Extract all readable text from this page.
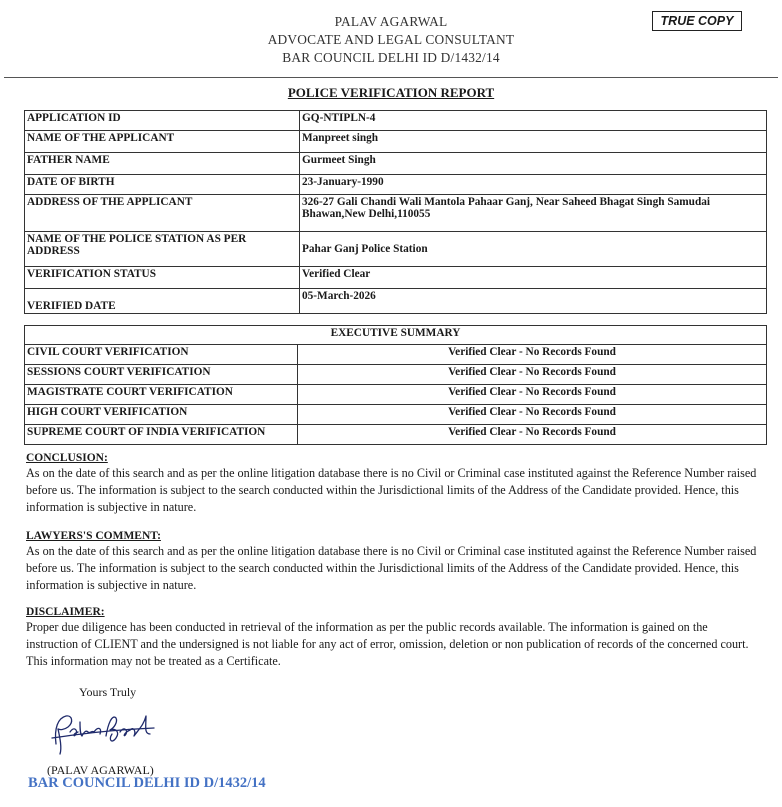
PALAV AGARWAL
ADVOCATE AND LEGAL CONSULTANT
BAR COUNCIL DELHI ID D/1432/14
TRUE COPY
POLICE VERIFICATION REPORT
APPLICATION ID	GQ-NTIPLN-4
NAME OF THE APPLICANT	Manpreet singh
FATHER NAME	Gurmeet Singh
DATE OF BIRTH	23-January-1990
ADDRESS OF THE APPLICANT	326-27 Gali Chandi Wali Mantola Pahaar Ganj, Near Saheed Bhagat Singh Samudai Bhawan,New Delhi,110055
NAME OF THE POLICE STATION AS PER ADDRESS	Pahar Ganj Police Station
VERIFICATION STATUS	Verified Clear
VERIFIED DATE	05-March-2026
EXECUTIVE SUMMARY	
CIVIL COURT VERIFICATION	Verified Clear - No Records Found
SESSIONS COURT VERIFICATION	Verified Clear - No Records Found
MAGISTRATE COURT VERIFICATION	Verified Clear - No Records Found
HIGH COURT VERIFICATION	Verified Clear - No Records Found
SUPREME COURT OF INDIA VERIFICATION	Verified Clear - No Records Found
CONCLUSION:
As on the date of this search and as per the online litigation database there is no Civil or Criminal case instituted against the Reference Number raised before us. The information is subject to the search conducted within the Jurisdictional limits of the Address of the Candidate provided. Hence, this information is subjective in nature.
LAWYERS'S COMMENT:
As on the date of this search and as per the online litigation database there is no Civil or Criminal case instituted against the Reference Number raised before us. The information is subject to the search conducted within the Jurisdictional limits of the Address of the Candidate provided. Hence, this information is subjective in nature.
DISCLAIMER:
Proper due diligence has been conducted in retrieval of the information as per the public records available. The information is gained on the instruction of CLIENT and the undersigned is not liable for any act of error, omission, deletion or non publication of records of the concerned court. This information may not be treated as a Certificate.
Yours Truly
(PALAV AGARWAL)
BAR COUNCIL DELHI ID D/1432/14
